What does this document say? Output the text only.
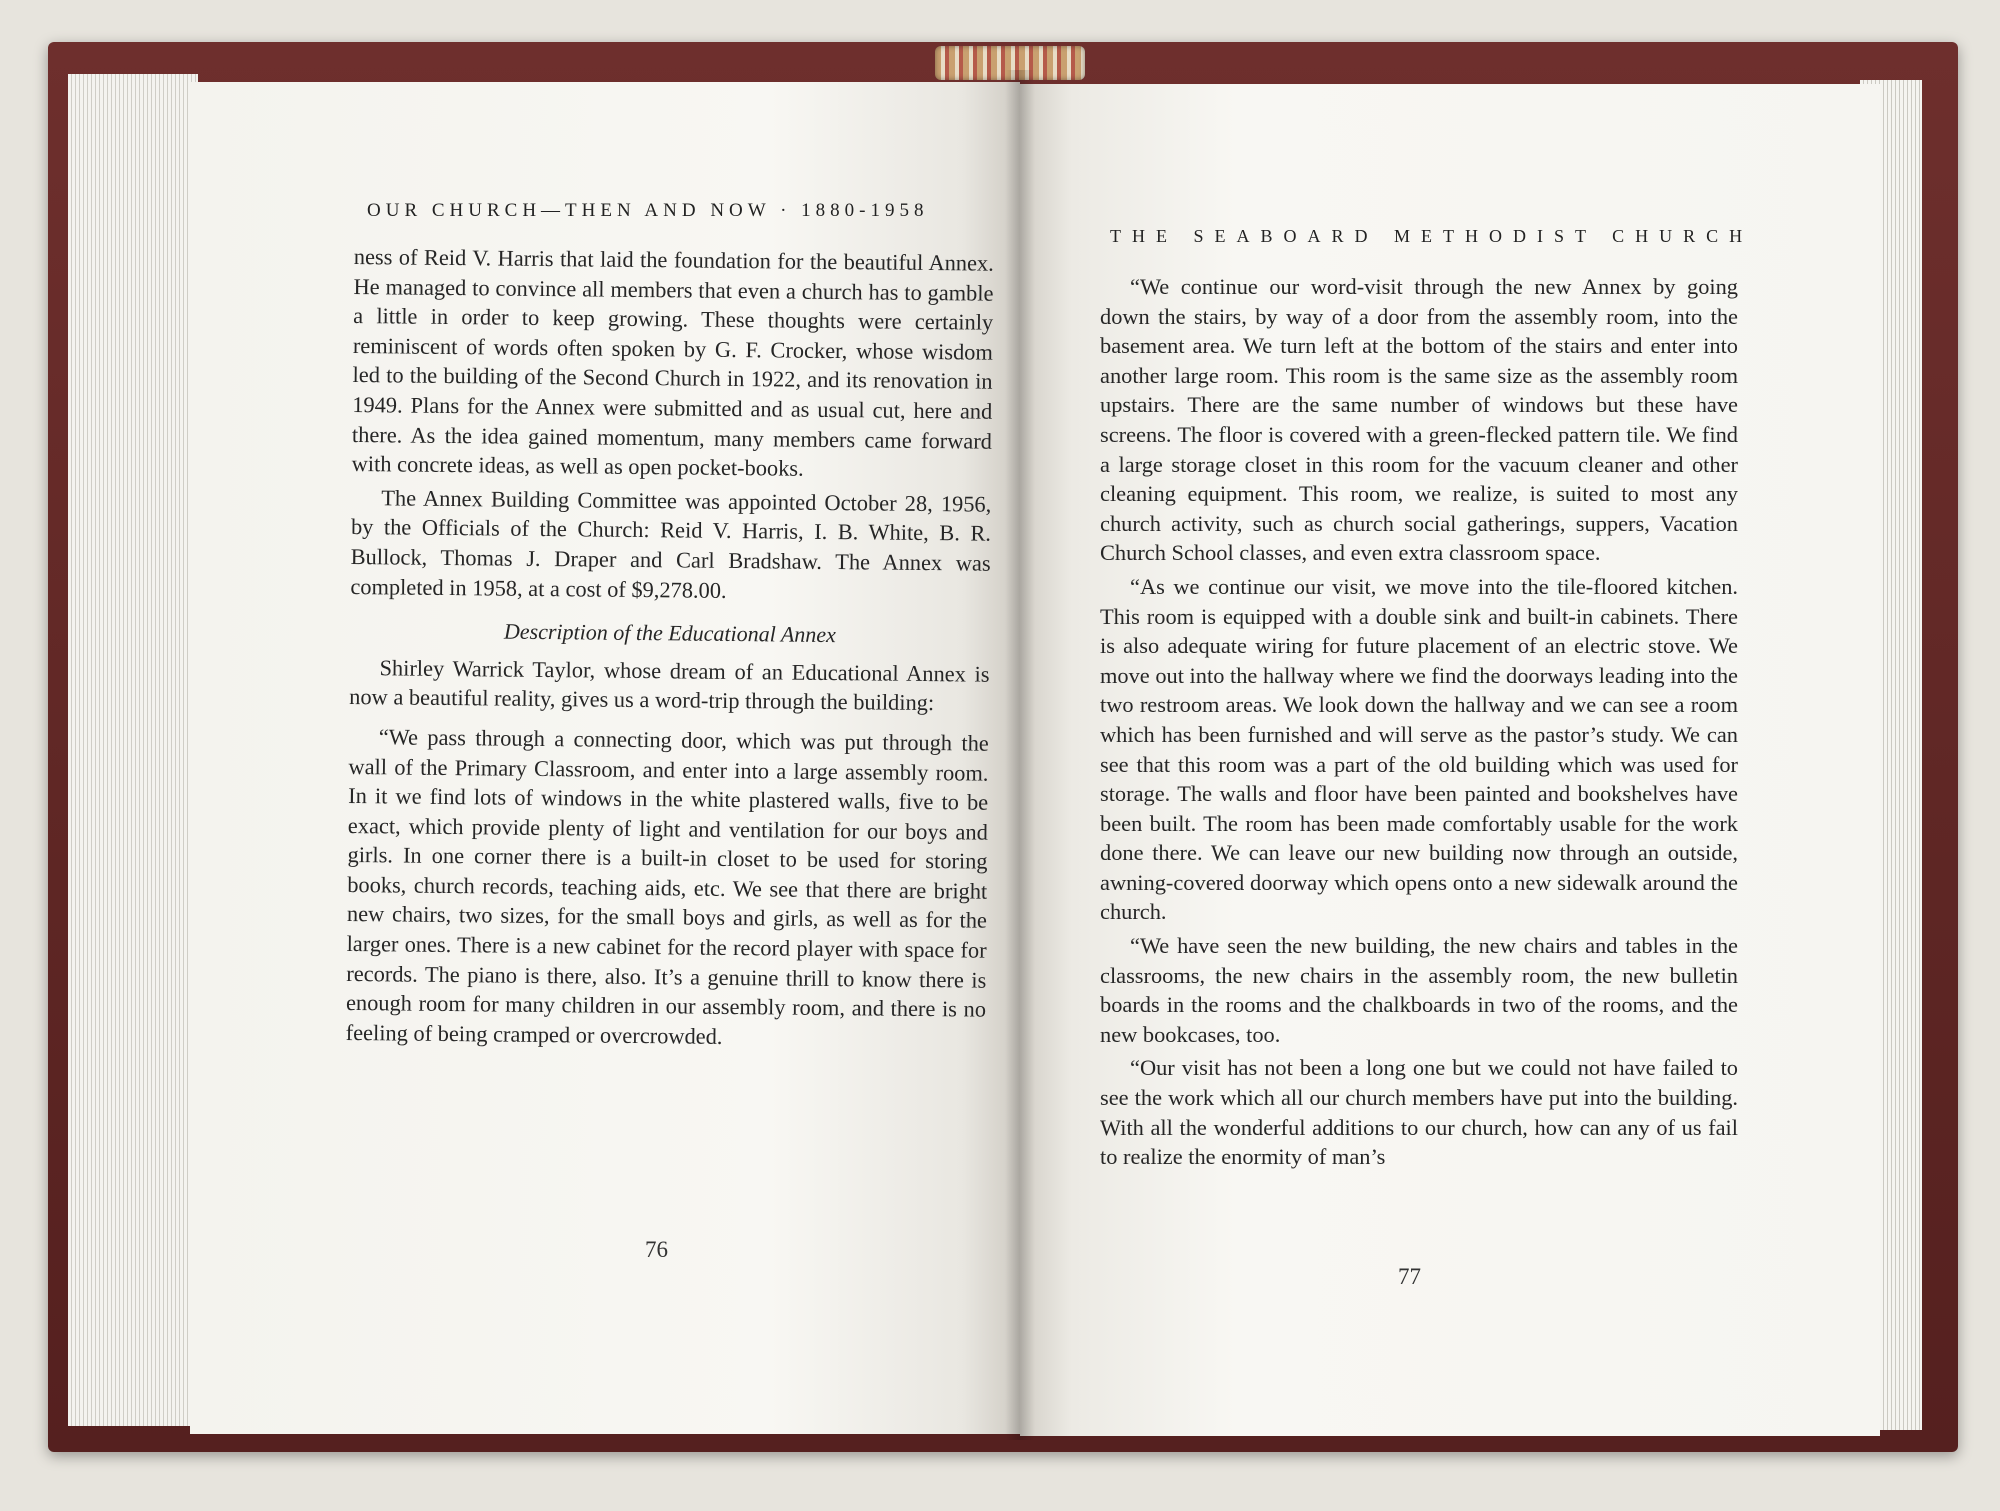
OUR CHURCH—THEN AND NOW · 1880-1958

ness of Reid V. Harris that laid the foundation for the beautiful Annex. He managed to convince all members that even a church has to gamble a little in order to keep growing. These thoughts were certainly reminiscent of words often spoken by G. F. Crocker, whose wisdom led to the building of the Second Church in 1922, and its renovation in 1949. Plans for the Annex were submitted and as usual cut, here and there. As the idea gained momentum, many members came forward with concrete ideas, as well as open pocket-books.

The Annex Building Committee was appointed October 28, 1956, by the Officials of the Church: Reid V. Harris, I. B. White, B. R. Bullock, Thomas J. Draper and Carl Bradshaw. The Annex was completed in 1958, at a cost of $9,278.00.

Description of the Educational Annex

Shirley Warrick Taylor, whose dream of an Educational Annex is now a beautiful reality, gives us a word-trip through the building:

“We pass through a connecting door, which was put through the wall of the Primary Classroom, and enter into a large assembly room. In it we find lots of windows in the white plastered walls, five to be exact, which provide plenty of light and ventilation for our boys and girls. In one corner there is a built-in closet to be used for storing books, church records, teaching aids, etc. We see that there are bright new chairs, two sizes, for the small boys and girls, as well as for the larger ones. There is a new cabinet for the record player with space for records. The piano is there, also. It’s a genuine thrill to know there is enough room for many children in our assembly room, and there is no feeling of being cramped or overcrowded.

76
THE SEABOARD METHODIST CHURCH

“We continue our word-visit through the new Annex by going down the stairs, by way of a door from the assembly room, into the basement area. We turn left at the bottom of the stairs and enter into another large room. This room is the same size as the assembly room upstairs. There are the same number of windows but these have screens. The floor is covered with a green-flecked pattern tile. We find a large storage closet in this room for the vacuum cleaner and other cleaning equipment. This room, we realize, is suited to most any church activity, such as church social gatherings, suppers, Vacation Church School classes, and even extra classroom space.

“As we continue our visit, we move into the tile-floored kitchen. This room is equipped with a double sink and built-in cabinets. There is also adequate wiring for future placement of an electric stove. We move out into the hallway where we find the doorways leading into the two restroom areas. We look down the hallway and we can see a room which has been furnished and will serve as the pastor’s study. We can see that this room was a part of the old building which was used for storage. The walls and floor have been painted and bookshelves have been built. The room has been made comfortably usable for the work done there. We can leave our new building now through an outside, awning-covered doorway which opens onto a new sidewalk around the church.

“We have seen the new building, the new chairs and tables in the classrooms, the new chairs in the assembly room, the new bulletin boards in the rooms and the chalkboards in two of the rooms, and the new bookcases, too.

“Our visit has not been a long one but we could not have failed to see the work which all our church members have put into the building. With all the wonderful additions to our church, how can any of us fail to realize the enormity of man’s

77
